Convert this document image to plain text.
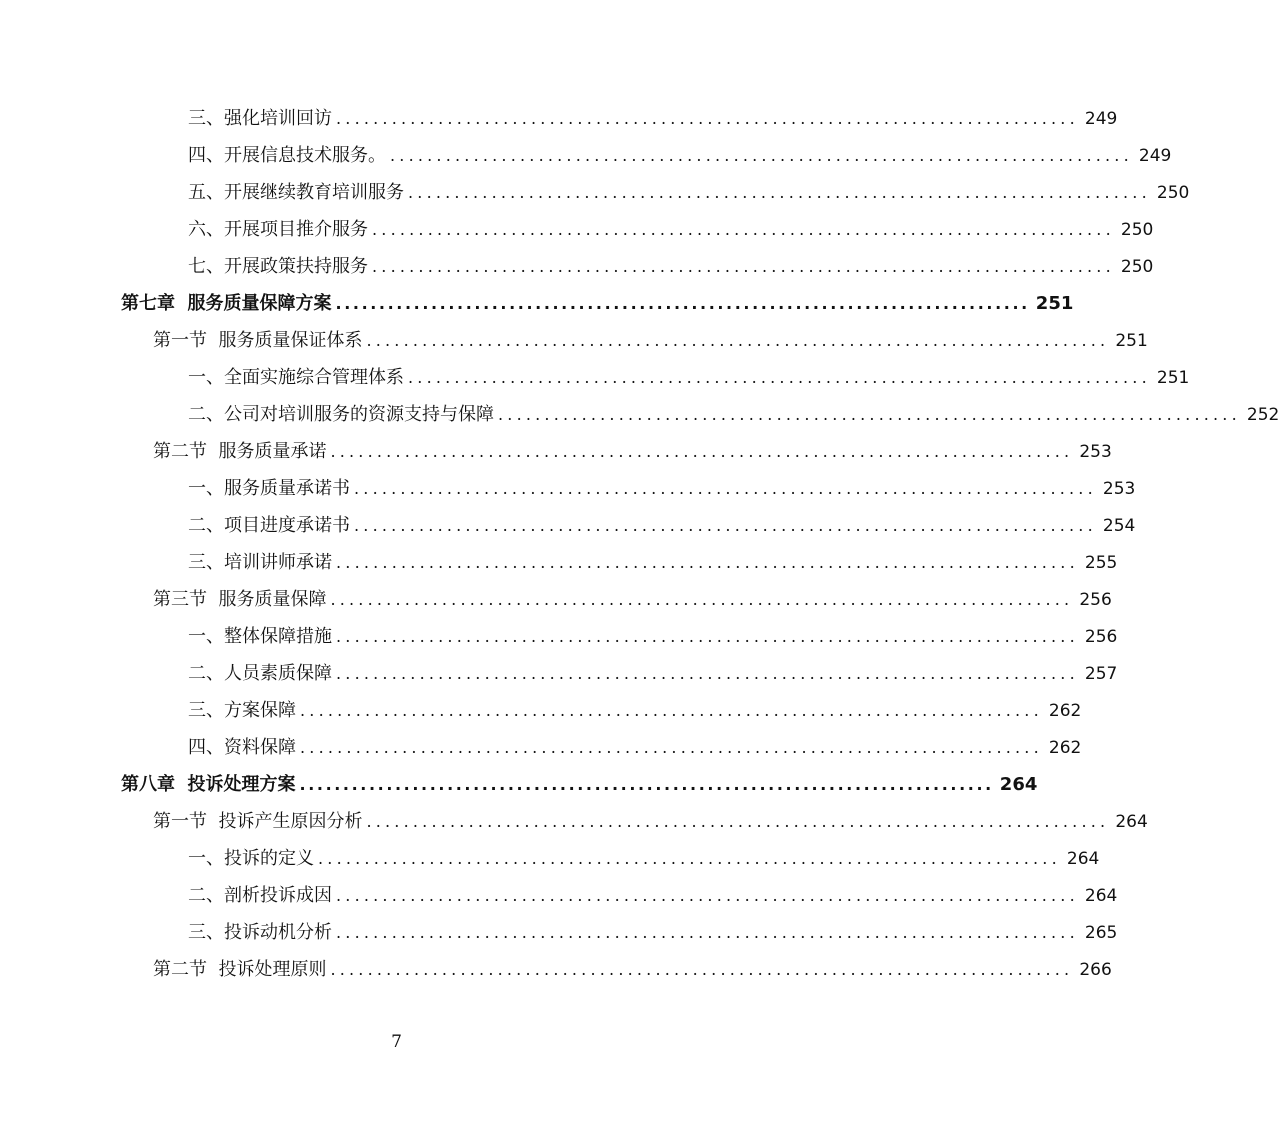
三、强化培训回访 ................................................................................ 249
四、开展信息技术服务。 ................................................................................ 249
五、开展继续教育培训服务 ................................................................................ 250
六、开展项目推介服务 ................................................................................ 250
七、开展政策扶持服务 ................................................................................ 250
第七章  服务质量保障方案 ................................................................................ 251
第一节  服务质量保证体系 ................................................................................ 251
一、全面实施综合管理体系 ................................................................................ 251
二、公司对培训服务的资源支持与保障 ................................................................................ 252
第二节  服务质量承诺 ................................................................................ 253
一、服务质量承诺书 ................................................................................ 253
二、项目进度承诺书 ................................................................................ 254
三、培训讲师承诺 ................................................................................ 255
第三节  服务质量保障 ................................................................................ 256
一、整体保障措施 ................................................................................ 256
二、人员素质保障 ................................................................................ 257
三、方案保障 ................................................................................ 262
四、资料保障 ................................................................................ 262
第八章  投诉处理方案 ................................................................................ 264
第一节  投诉产生原因分析 ................................................................................ 264
一、投诉的定义 ................................................................................ 264
二、剖析投诉成因 ................................................................................ 264
三、投诉动机分析 ................................................................................ 265
第二节  投诉处理原则 ................................................................................ 266
7
